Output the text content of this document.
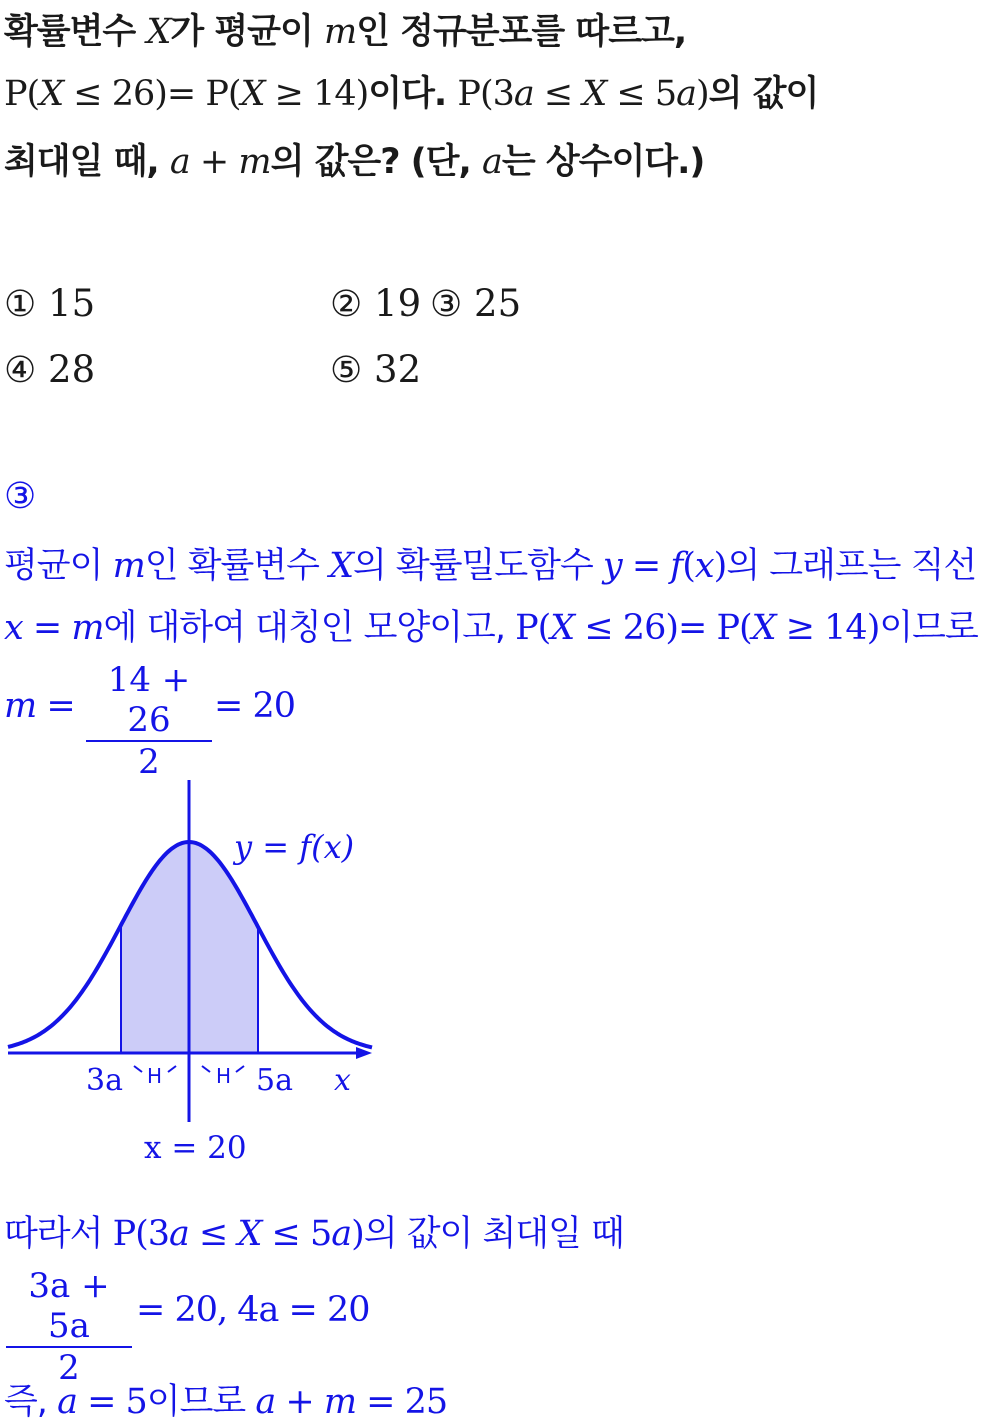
확률변수 X가 평균이 m인 정규분포를 따르고,
P(X ≤ 26)= P(X ≥ 14)이다. P(3a ≤ X ≤ 5a)의 값이
최대일 때, a + m의 값은? (단, a는 상수이다.)
① 15	② 19 ③ 25
④ 28	⑤ 32
③
평균이 m인 확률변수 X의 확률밀도함수 y = f(x)의 그래프는 직선
x = m에 대하여 대칭인 모양이고, P(X ≤ 26)= P(X ≥ 14)이므로
m =
14 + 26
2
= 20
y = f(x)
3a H	H 5a x
x = 20
따라서 P(3a ≤ X ≤ 5a)의 값이 최대일 때
3a + 5a
2
= 20, 4a = 20
즉, a = 5이므로 a + m = 25
